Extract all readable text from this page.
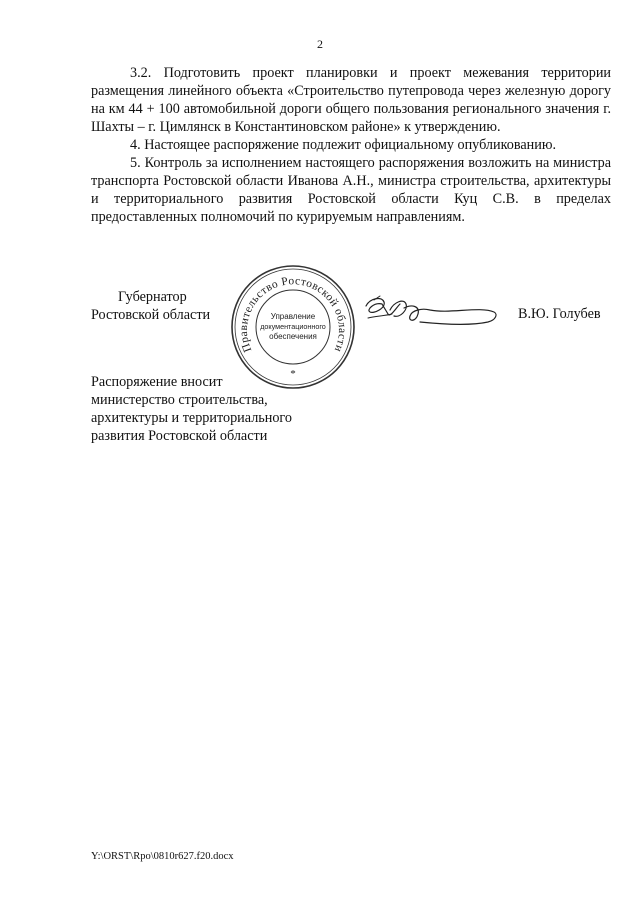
2

3.2. Подготовить проект планировки и проект межевания территории размещения линейного объекта «Строительство путепровода через железную дорогу на км 44 + 100 автомобильной дороги общего пользования регионального значения г. Шахты – г. Цимлянск в Константиновском районе» к утверждению.

4. Настоящее распоряжение подлежит официальному опубликованию.

5. Контроль за исполнением настоящего распоряжения возложить на министра транспорта Ростовской области Иванова А.Н., министра строительства, архитектуры и территориального развития Ростовской области Куц С.В. в пределах предоставленных полномочий по курируемым направлениям.

Губернатор
Ростовской области
Правительство Ростовской области
Управление
документационного
обеспечения
*
В.Ю. Голубев
Распоряжение вносит
министерство строительства,
архитектуры и территориального
развития Ростовской области
Y:\ORST\Rpo\0810r627.f20.docx
